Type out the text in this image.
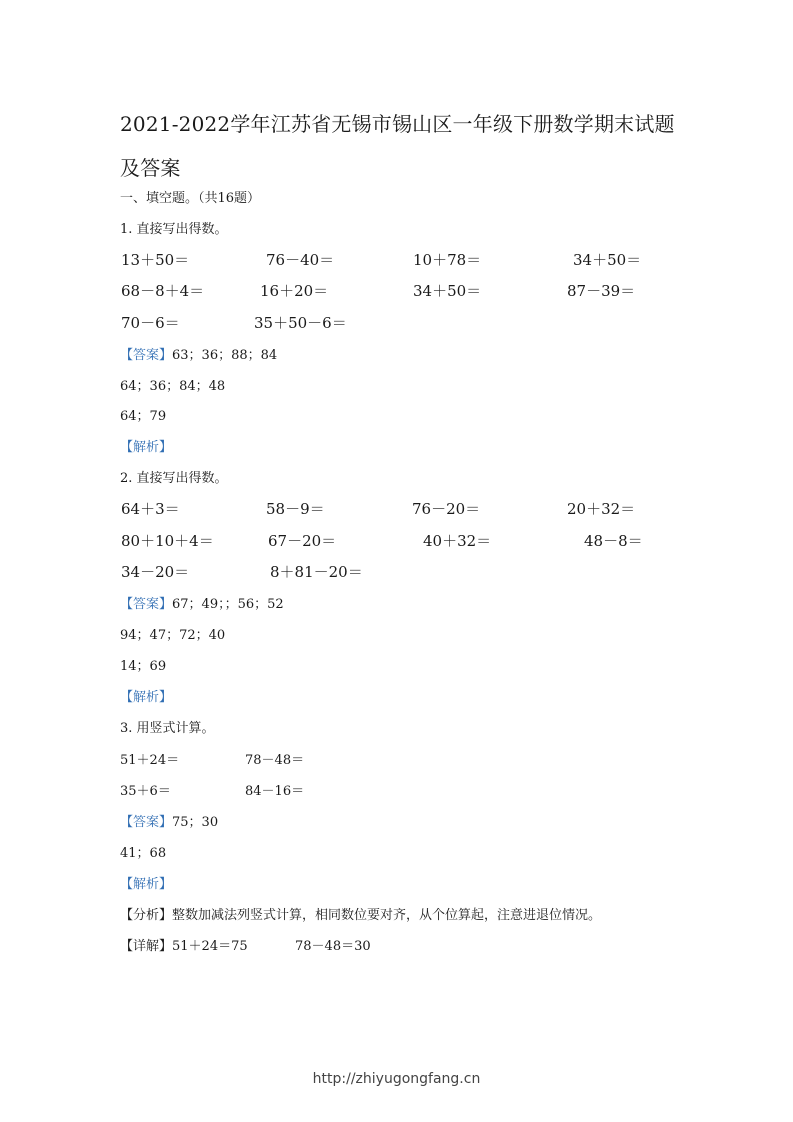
2021-2022学年江苏省无锡市锡山区一年级下册数学期末试题及答案
一、填空题。（共16题）
1. 直接写出得数。
13＋50＝	76－40＝	10＋78＝	34＋50＝
68－8＋4＝	16＋20＝	34＋50＝	87－39＝
70－6＝	35＋50－6＝
【答案】63；36；88；84
64；36；84；48
64；79
【解析】
2. 直接写出得数。
64＋3＝	58－9＝	76－20＝	20＋32＝
80＋10＋4＝	67－20＝	40＋32＝	48－8＝
34－20＝	8＋81－20＝
【答案】67；49；；56；52
94；47；72；40
14；69
【解析】
3. 用竖式计算。
51＋24＝	78－48＝
35＋6＝	84－16＝
【答案】75；30
41；68
【解析】
【分析】整数加减法列竖式计算，相同数位要对齐，从个位算起，注意进退位情况。
【详解】51＋24＝75	78－48＝30
http://zhiyugongfang.cn
